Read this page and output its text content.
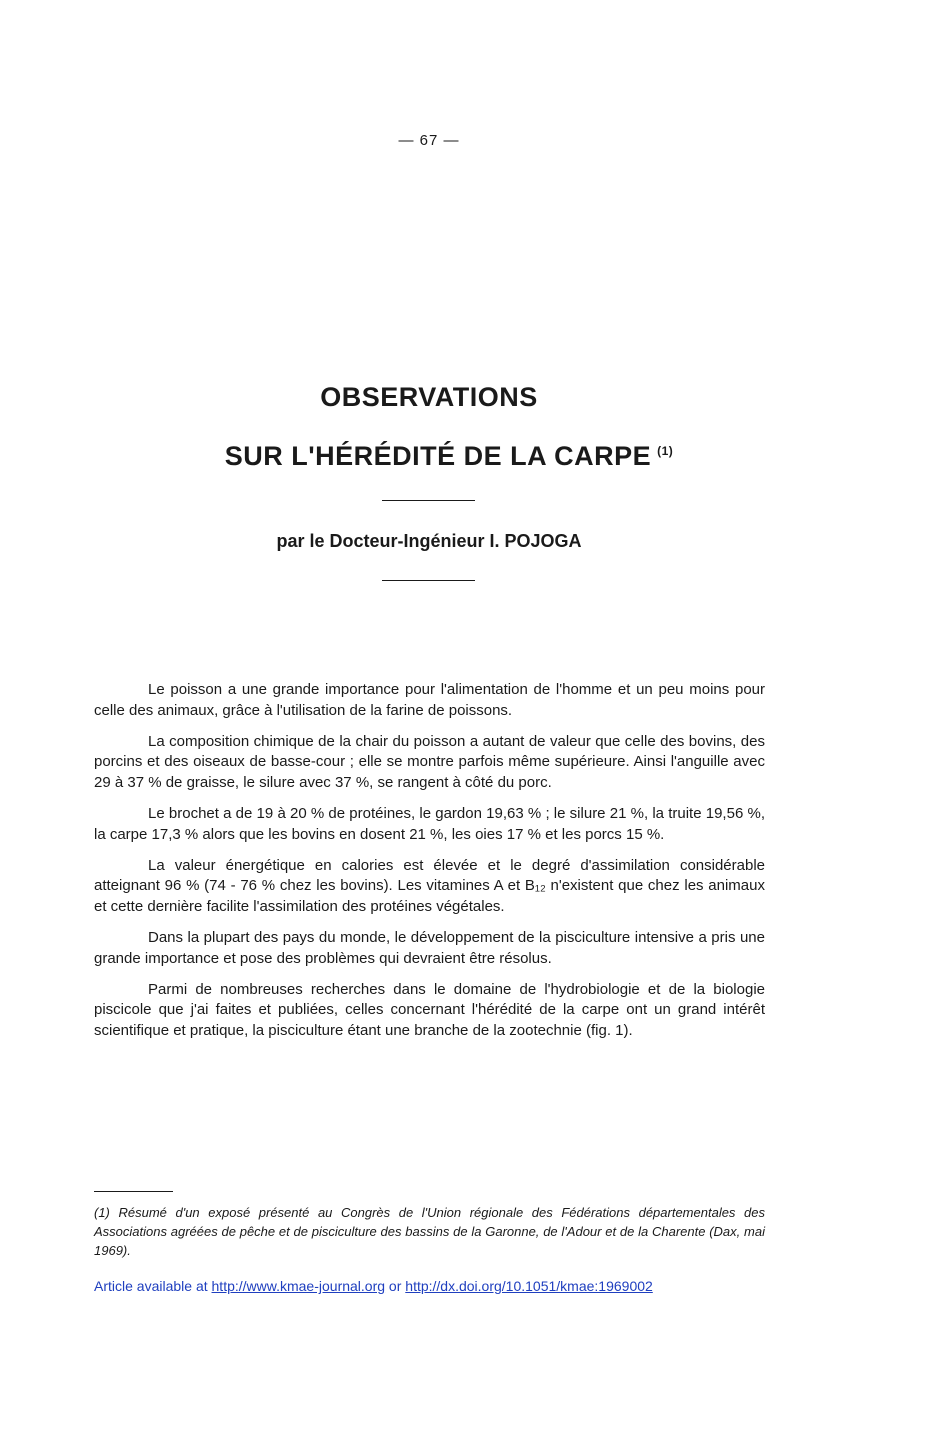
— 67 —
OBSERVATIONS
SUR L'HÉRÉDITÉ DE LA CARPE $^{(1)}$
par le Docteur-Ingénieur I. POJOGA

Le poisson a une grande importance pour l'alimentation de l'homme et un peu moins pour celle des animaux, grâce à l'utilisation de la farine de poissons.

La composition chimique de la chair du poisson a autant de valeur que celle des bovins, des porcins et des oiseaux de basse-cour ; elle se montre parfois même supérieure. Ainsi l'anguille avec 29 à 37 % de graisse, le silure avec 37 %, se rangent à côté du porc.

Le brochet a de 19 à 20 % de protéines, le gardon 19,63 % ; le silure 21 %, la truite 19,56 %, la carpe 17,3 % alors que les bovins en dosent 21 %, les oies 17 % et les porcs 15 %.

La valeur énergétique en calories est élevée et le degré d'assimilation considérable atteignant 96 % (74 - 76 % chez les bovins). Les vitamines A et B₁₂ n'existent que chez les animaux et cette dernière facilite l'assimilation des protéines végétales.

Dans la plupart des pays du monde, le développement de la pisciculture intensive a pris une grande importance et pose des problèmes qui devraient être résolus.

Parmi de nombreuses recherches dans le domaine de l'hydrobiologie et de la biologie piscicole que j'ai faites et publiées, celles concernant l'hérédité de la carpe ont un grand intérêt scientifique et pratique, la pisciculture étant une branche de la zootechnie (fig. 1).

(1) Résumé d'un exposé présenté au Congrès de l'Union régionale des Fédérations départementales des Associations agréées de pêche et de pisciculture des bassins de la Garonne, de l'Adour et de la Charente (Dax, mai 1969).

Article available at http://www.kmae-journal.org or http://dx.doi.org/10.1051/kmae:1969002
